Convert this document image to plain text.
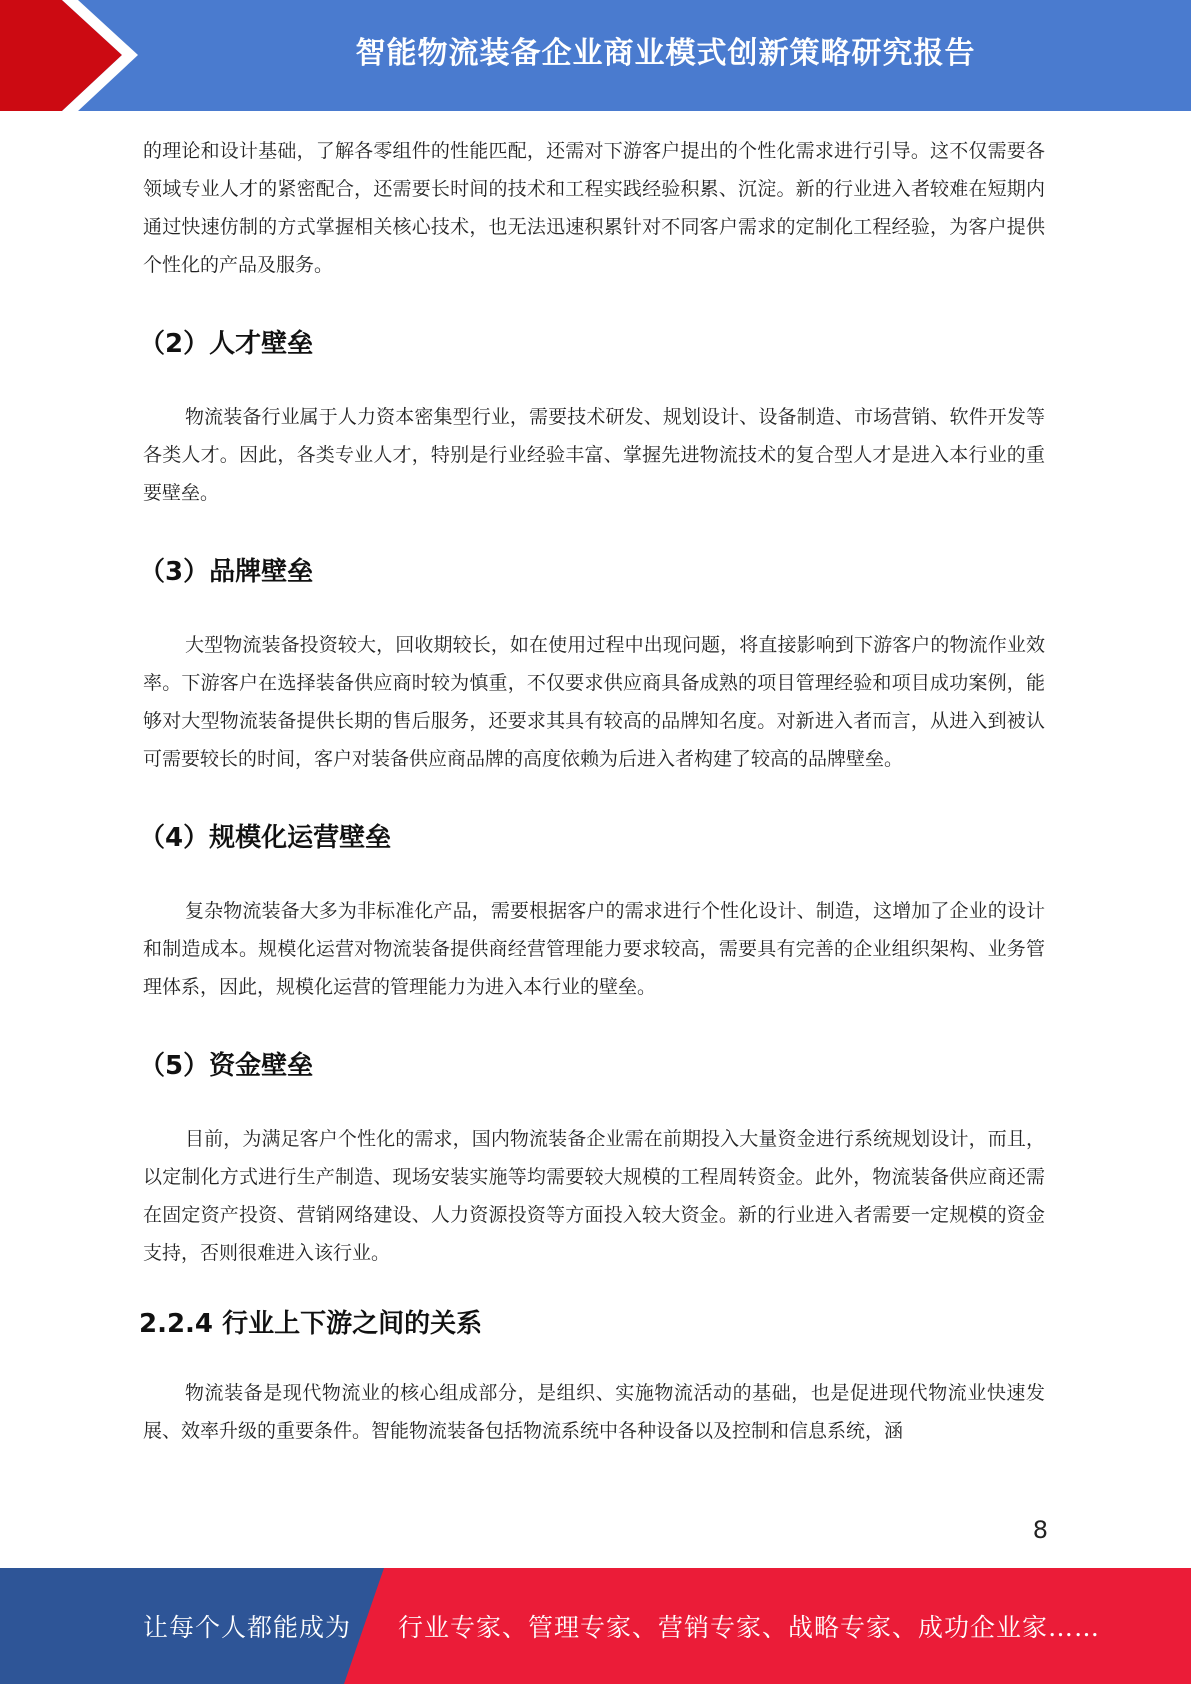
智能物流装备企业商业模式创新策略研究报告

的理论和设计基础，了解各零组件的性能匹配，还需对下游客户提出的个性化需求进行引导。这不仅需要各领域专业人才的紧密配合，还需要长时间的技术和工程实践经验积累、沉淀。新的行业进入者较难在短期内通过快速仿制的方式掌握相关核心技术，也无法迅速积累针对不同客户需求的定制化工程经验，为客户提供个性化的产品及服务。

（2）人才壁垒

物流装备行业属于人力资本密集型行业，需要技术研发、规划设计、设备制造、市场营销、软件开发等各类人才。因此，各类专业人才，特别是行业经验丰富、掌握先进物流技术的复合型人才是进入本行业的重要壁垒。

（3）品牌壁垒

大型物流装备投资较大，回收期较长，如在使用过程中出现问题，将直接影响到下游客户的物流作业效率。下游客户在选择装备供应商时较为慎重，不仅要求供应商具备成熟的项目管理经验和项目成功案例，能够对大型物流装备提供长期的售后服务，还要求其具有较高的品牌知名度。对新进入者而言，从进入到被认可需要较长的时间，客户对装备供应商品牌的高度依赖为后进入者构建了较高的品牌壁垒。

（4）规模化运营壁垒

复杂物流装备大多为非标准化产品，需要根据客户的需求进行个性化设计、制造，这增加了企业的设计和制造成本。规模化运营对物流装备提供商经营管理能力要求较高，需要具有完善的企业组织架构、业务管理体系，因此，规模化运营的管理能力为进入本行业的壁垒。

（5）资金壁垒

目前，为满足客户个性化的需求，国内物流装备企业需在前期投入大量资金进行系统规划设计，而且，以定制化方式进行生产制造、现场安装实施等均需要较大规模的工程周转资金。此外，物流装备供应商还需在固定资产投资、营销网络建设、人力资源投资等方面投入较大资金。新的行业进入者需要一定规模的资金支持，否则很难进入该行业。

2.2.4 行业上下游之间的关系

物流装备是现代物流业的核心组成部分，是组织、实施物流活动的基础，也是促进现代物流业快速发展、效率升级的重要条件。智能物流装备包括物流系统中各种设备以及控制和信息系统，涵

8
让每个人都能成为 行业专家、管理专家、营销专家、战略专家、成功企业家……
